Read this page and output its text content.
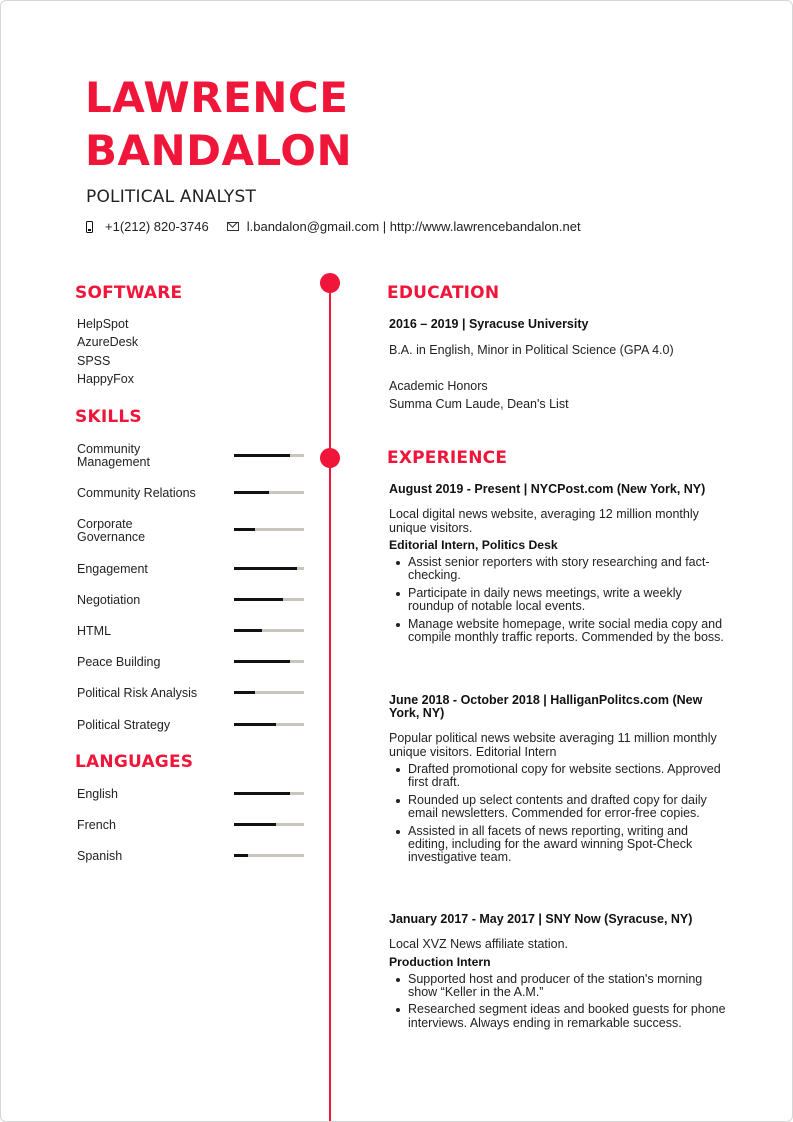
LAWRENCE
BANDALON
POLITICAL ANALYST
+1(212) 820-3746	l.bandalon@gmail.com | http://www.lawrencebandalon.net
SOFTWARE
HelpSpot
AzureDesk
SPSS
HappyFox
SKILLS
Community Management
Community Relations
Corporate Governance
Engagement
Negotiation
HTML
Peace Building
Political Risk Analysis
Political Strategy
LANGUAGES
English
French
Spanish
EDUCATION
2016 – 2019 | Syracuse University
B.A. in English, Minor in Political Science (GPA 4.0)
Academic Honors
Summa Cum Laude, Dean's List
EXPERIENCE
August 2019 - Present | NYCPost.com (New York, NY)
Local digital news website, averaging 12 million monthly unique visitors.
Editorial Intern, Politics Desk
Assist senior reporters with story researching and fact-checking.
Participate in daily news meetings, write a weekly roundup of notable local events.
Manage website homepage, write social media copy and compile monthly traffic reports. Commended by the boss.
June 2018 - October 2018 | HalliganPolitcs.com (New York, NY)
Popular political news website averaging 11 million monthly unique visitors. Editorial Intern
Drafted promotional copy for website sections. Approved first draft.
Rounded up select contents and drafted copy for daily email newsletters. Commended for error-free copies.
Assisted in all facets of news reporting, writing and editing, including for the award winning Spot-Check investigative team.
January 2017 - May 2017 | SNY Now (Syracuse, NY)
Local XVZ News affiliate station.
Production Intern
Supported host and producer of the station's morning show “Keller in the A.M.”
Researched segment ideas and booked guests for phone interviews. Always ending in remarkable success.
